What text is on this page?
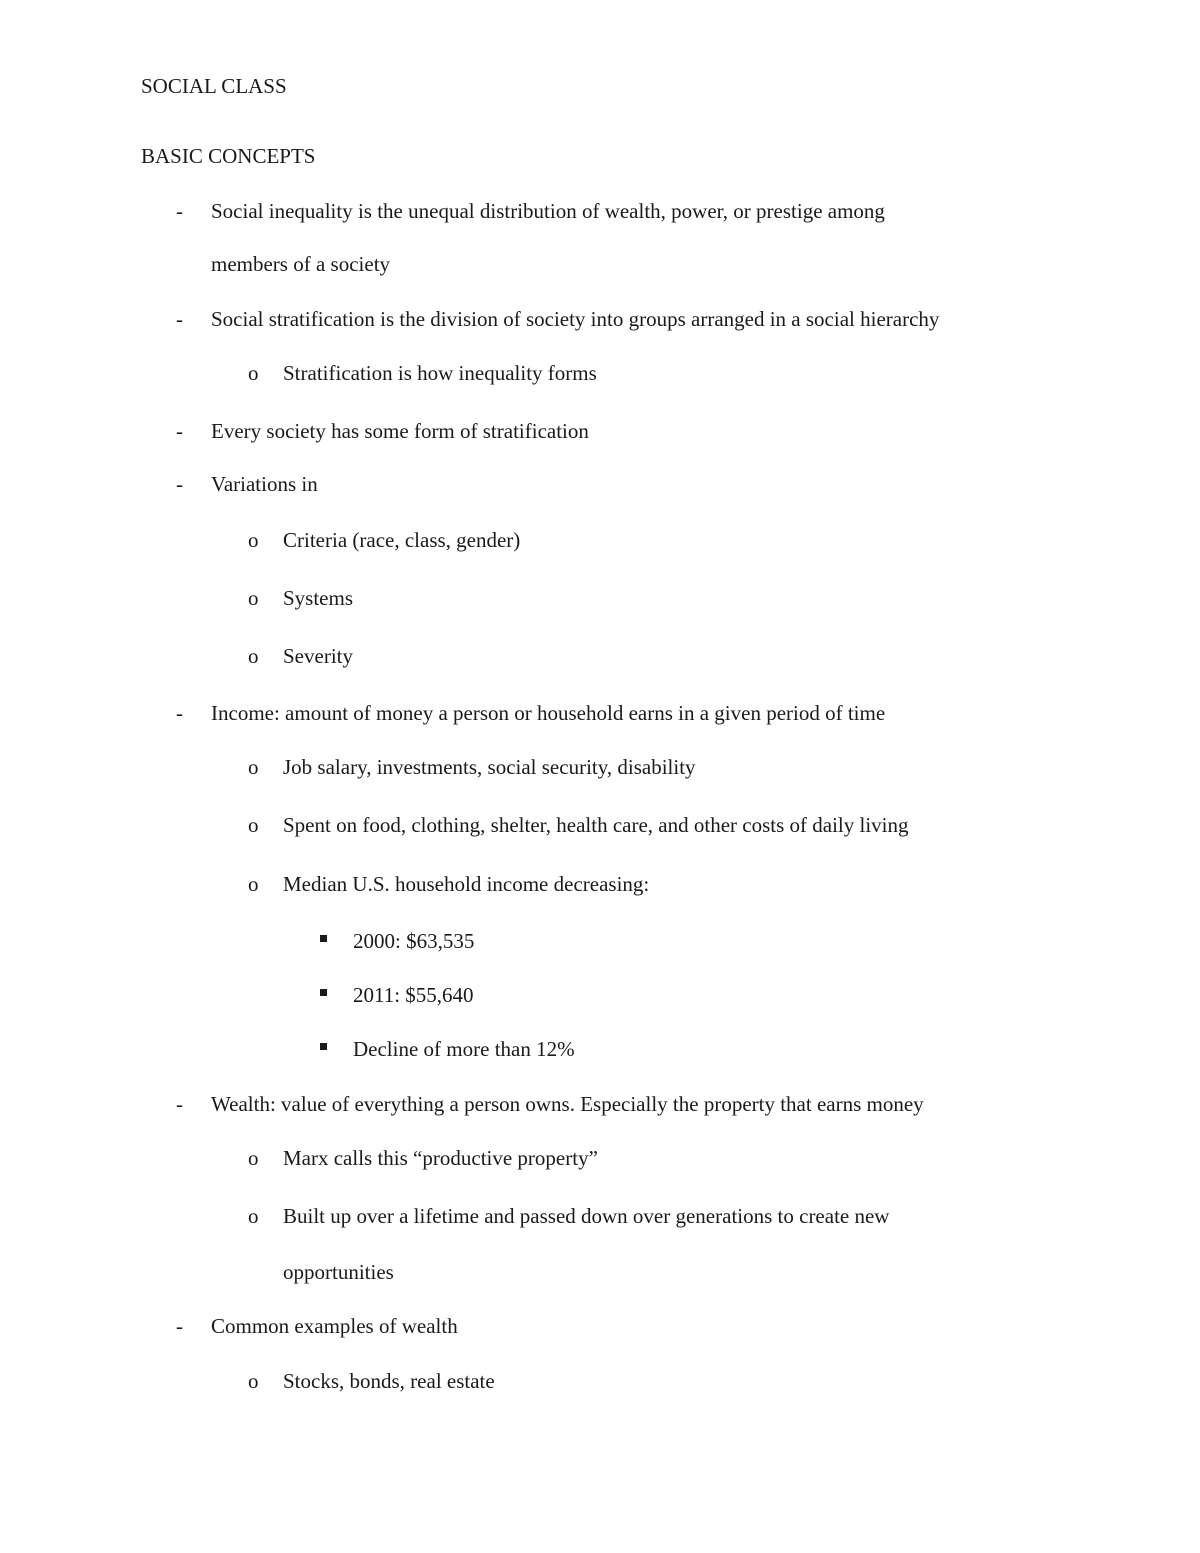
SOCIAL CLASS
BASIC CONCEPTS
- Social inequality is the unequal distribution of wealth, power, or prestige among
members of a society
- Social stratification is the division of society into groups arranged in a social hierarchy
o Stratification is how inequality forms
- Every society has some form of stratification
- Variations in
o Criteria (race, class, gender)
o Systems
o Severity
- Income: amount of money a person or household earns in a given period of time
o Job salary, investments, social security, disability
o Spent on food, clothing, shelter, health care, and other costs of daily living
o Median U.S. household income decreasing:
2000: $63,535
2011: $55,640
Decline of more than 12%
- Wealth: value of everything a person owns. Especially the property that earns money
o Marx calls this “productive property”
o Built up over a lifetime and passed down over generations to create new
opportunities
- Common examples of wealth
o Stocks, bonds, real estate
